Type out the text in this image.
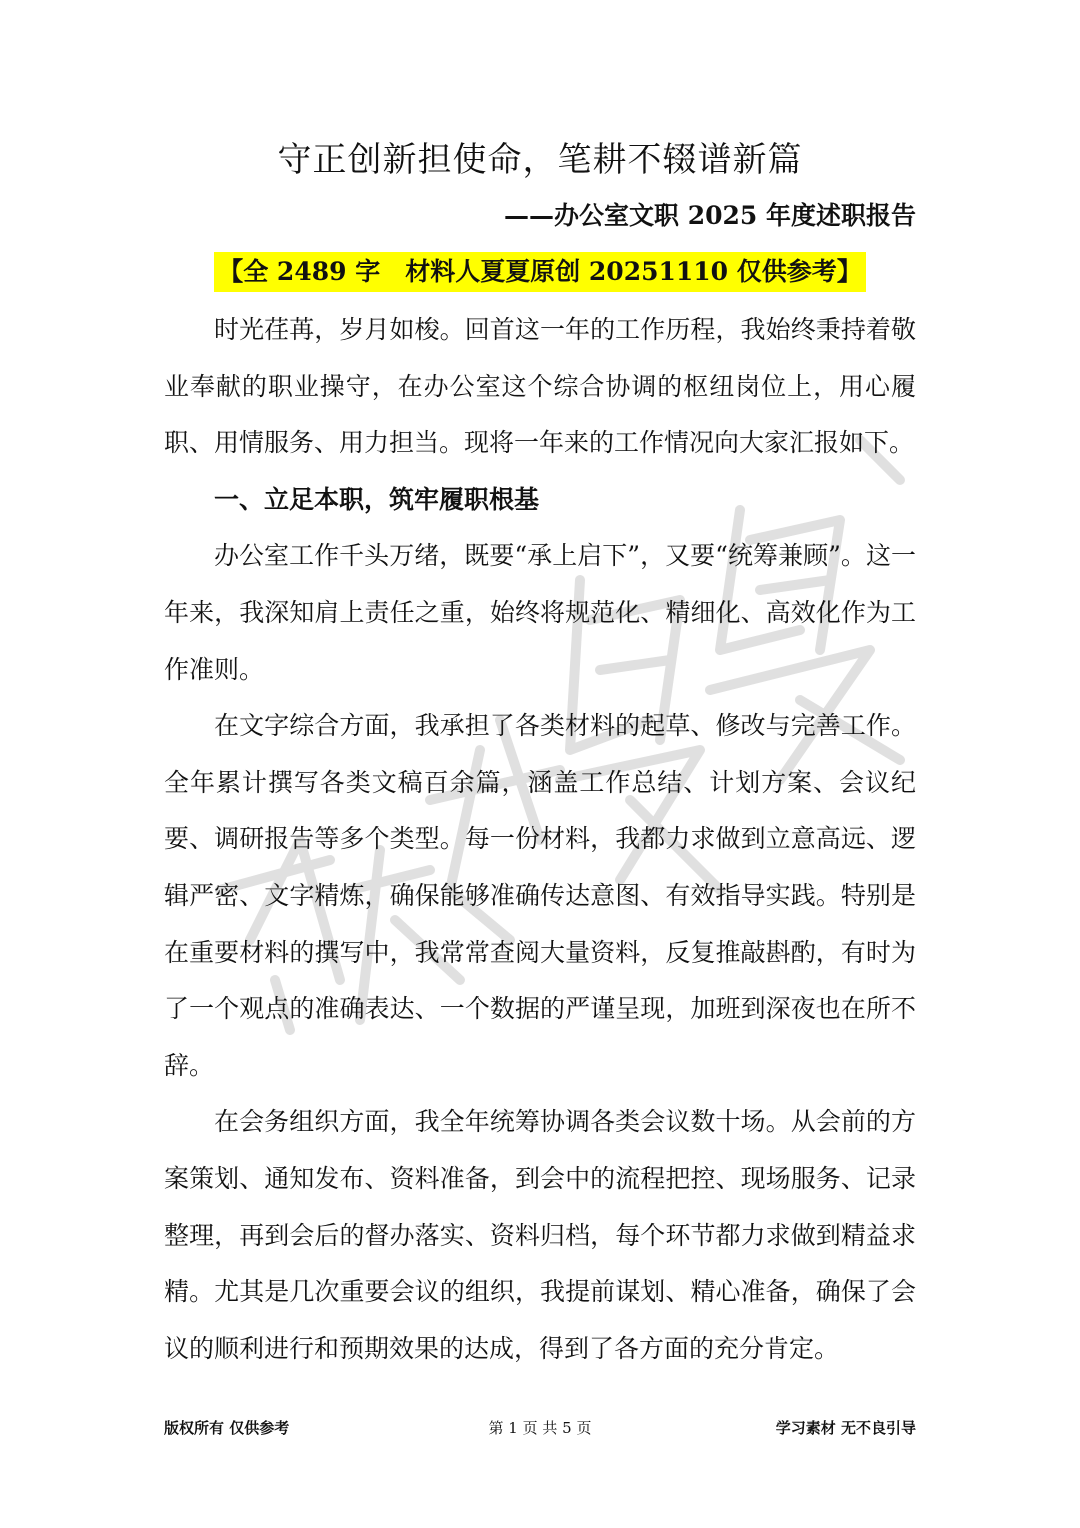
守正创新担使命，笔耕不辍谱新篇
——办公室文职 2025 年度述职报告
【全 2489 字　材料人夏夏原创 20251110 仅供参考】

时光荏苒，岁月如梭。回首这一年的工作历程，我始终秉持着敬业奉献的职业操守，在办公室这个综合协调的枢纽岗位上，用心履职、用情服务、用力担当。现将一年来的工作情况向大家汇报如下。

一、立足本职，筑牢履职根基

办公室工作千头万绪，既要“承上启下”，又要“统筹兼顾”。这一年来，我深知肩上责任之重，始终将规范化、精细化、高效化作为工作准则。

在文字综合方面，我承担了各类材料的起草、修改与完善工作。全年累计撰写各类文稿百余篇，涵盖工作总结、计划方案、会议纪要、调研报告等多个类型。每一份材料，我都力求做到立意高远、逻辑严密、文字精炼，确保能够准确传达意图、有效指导实践。特别是在重要材料的撰写中，我常常查阅大量资料，反复推敲斟酌，有时为了一个观点的准确表达、一个数据的严谨呈现，加班到深夜也在所不辞。

在会务组织方面，我全年统筹协调各类会议数十场。从会前的方案策划、通知发布、资料准备，到会中的流程把控、现场服务、记录整理，再到会后的督办落实、资料归档，每个环节都力求做到精益求精。尤其是几次重要会议的组织，我提前谋划、精心准备，确保了会议的顺利进行和预期效果的达成，得到了各方面的充分肯定。

版权所有 仅供参考	第 1 页 共 5 页	学习素材 无不良引导
